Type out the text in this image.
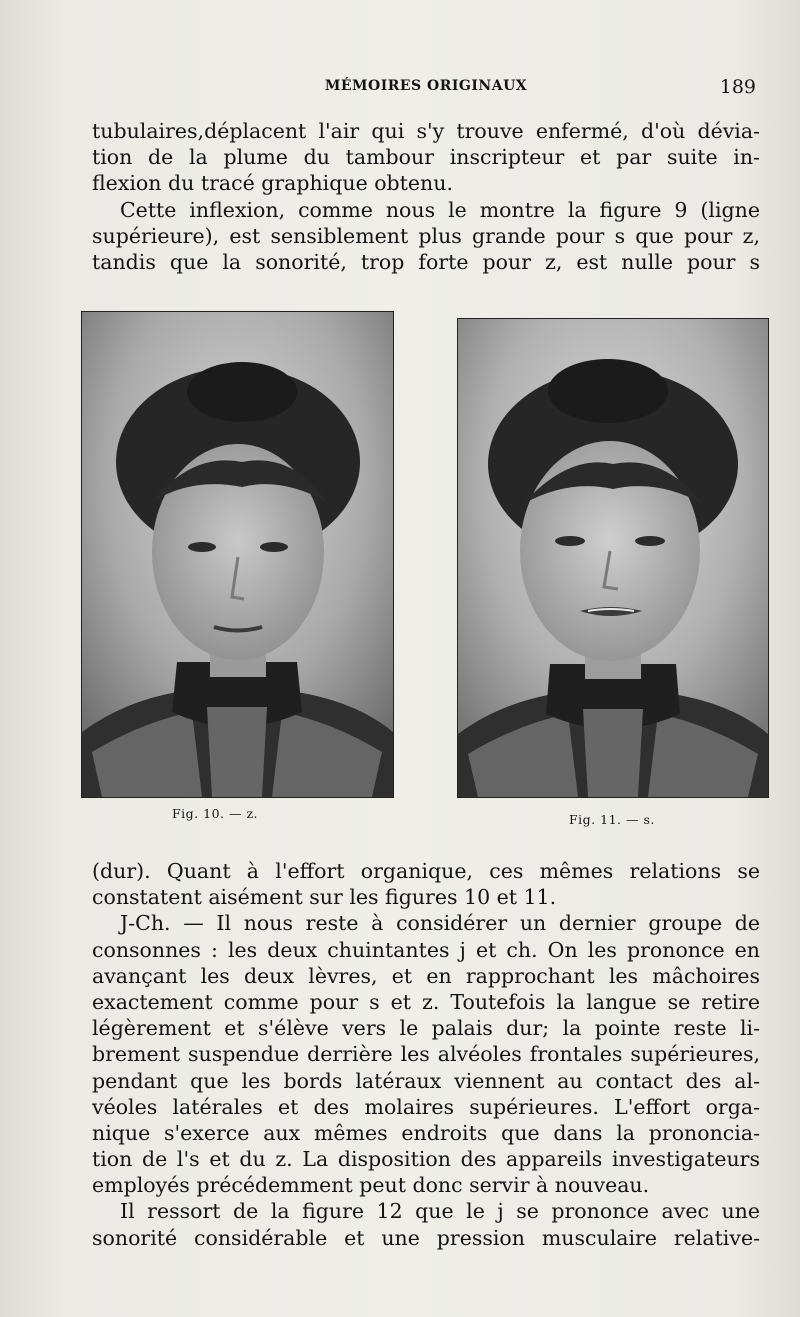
MÉMOIRES ORIGINAUX	189
tubulaires,déplacent l'air qui s'y trouve enfermé, d'où dévia-
tion de la plume du tambour inscripteur et par suite in-
flexion du tracé graphique obtenu.
Cette inflexion, comme nous le montre la figure 9 (ligne
supérieure), est sensiblement plus grande pour s que pour z,
tandis que la sonorité, trop forte pour z, est nulle pour s
Fig. 10. — z.	Fig. 11. — s.
(dur). Quant à l'effort organique, ces mêmes relations se
constatent aisément sur les figures 10 et 11.
J-Ch. — Il nous reste à considérer un dernier groupe de
consonnes : les deux chuintantes j et ch. On les prononce en
avançant les deux lèvres, et en rapprochant les mâchoires
exactement comme pour s et z. Toutefois la langue se retire
légèrement et s'élève vers le palais dur; la pointe reste li-
brement suspendue derrière les alvéoles frontales supérieures,
pendant que les bords latéraux viennent au contact des al-
véoles latérales et des molaires supérieures. L'effort orga-
nique s'exerce aux mêmes endroits que dans la prononcia-
tion de l's et du z. La disposition des appareils investigateurs
employés précédemment peut donc servir à nouveau.
Il ressort de la figure 12 que le j se prononce avec une
sonorité considérable et une pression musculaire relative-
